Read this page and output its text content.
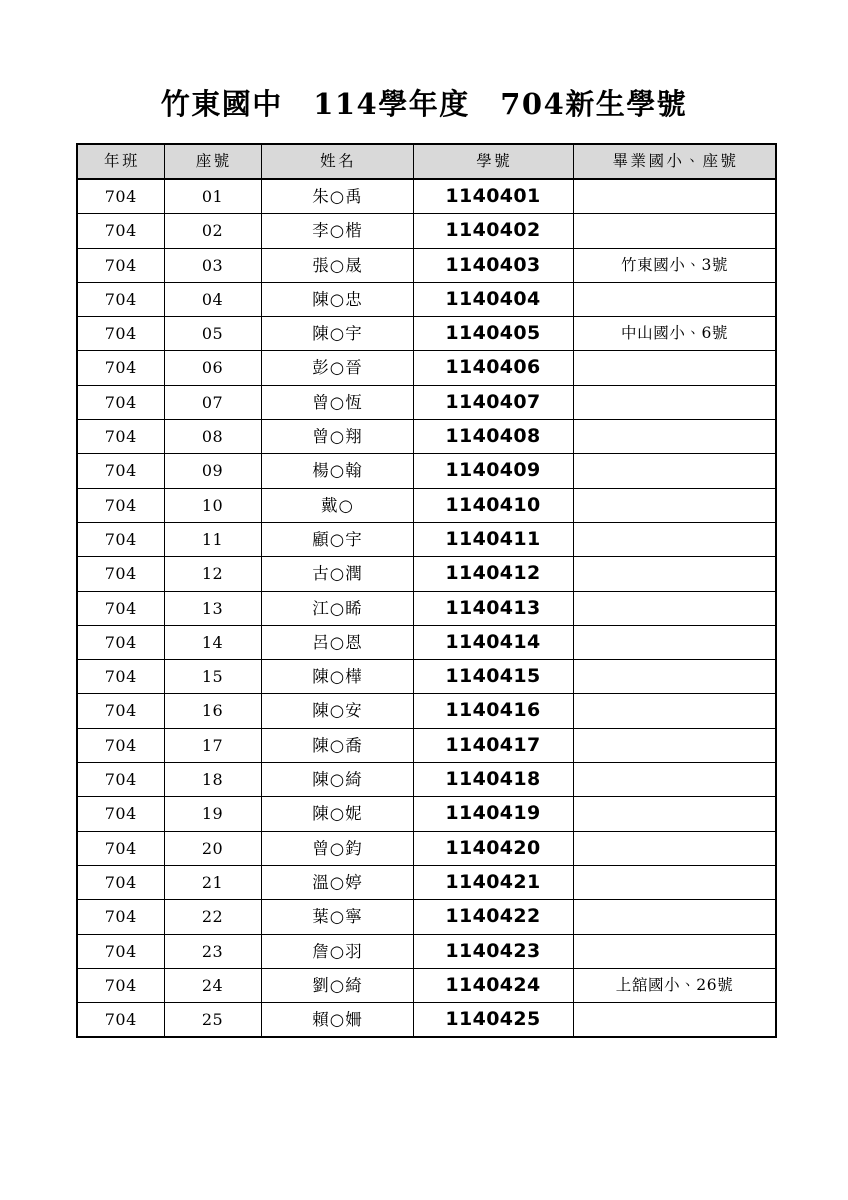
竹東國中　114學年度　704新生學號
年班	座號	姓名	學號	畢業國小、座號
704	01	朱○禹	1140401	
704	02	李○楷	1140402	
704	03	張○晟	1140403	竹東國小、3號
704	04	陳○忠	1140404	
704	05	陳○宇	1140405	中山國小、6號
704	06	彭○晉	1140406	
704	07	曾○恆	1140407	
704	08	曾○翔	1140408	
704	09	楊○翰	1140409	
704	10	戴○	1140410	
704	11	顧○宇	1140411	
704	12	古○潤	1140412	
704	13	江○睎	1140413	
704	14	呂○恩	1140414	
704	15	陳○樺	1140415	
704	16	陳○安	1140416	
704	17	陳○喬	1140417	
704	18	陳○綺	1140418	
704	19	陳○妮	1140419	
704	20	曾○鈞	1140420	
704	21	溫○婷	1140421	
704	22	葉○寧	1140422	
704	23	詹○羽	1140423	
704	24	劉○綺	1140424	上舘國小、26號
704	25	賴○姍	1140425	
